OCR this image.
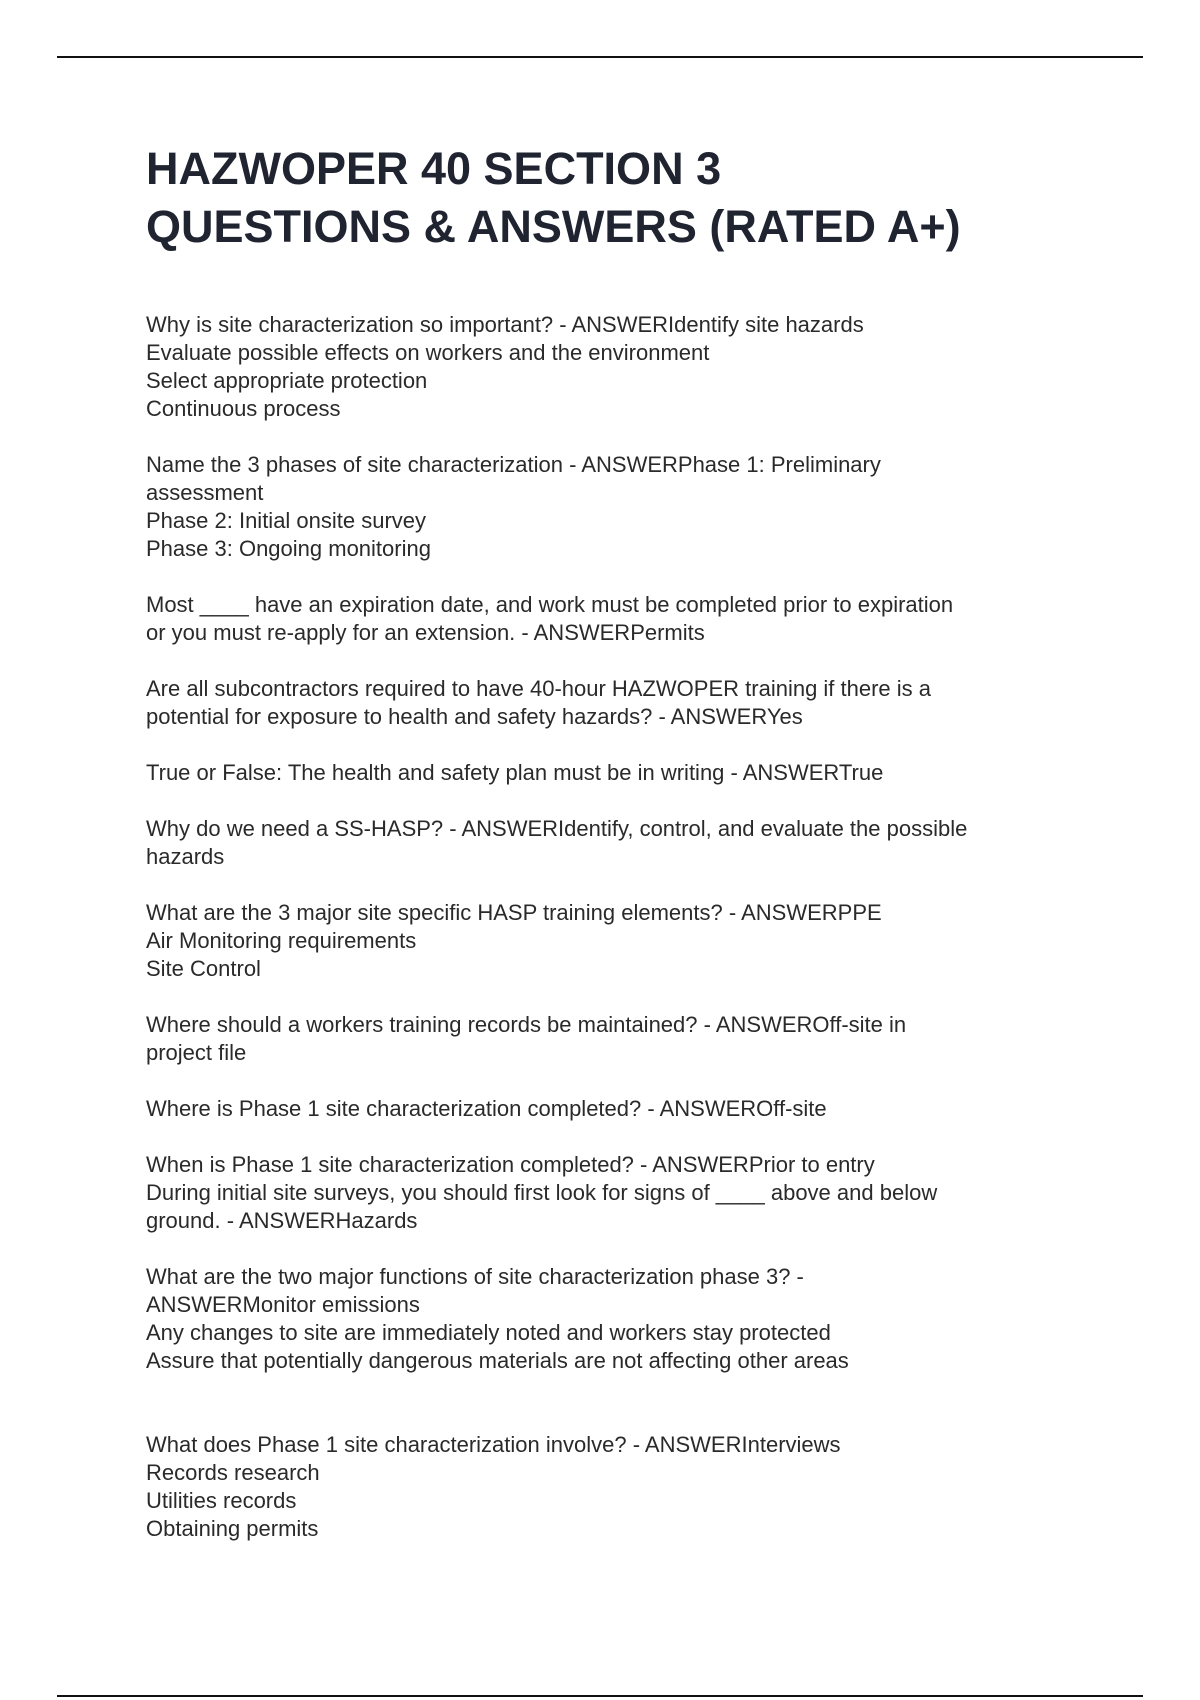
HAZWOPER 40 SECTION 3
QUESTIONS & ANSWERS (RATED A+)
Why is site characterization so important? - ANSWERIdentify site hazards
Evaluate possible effects on workers and the environment
Select appropriate protection
Continuous process
Name the 3 phases of site characterization - ANSWERPhase 1: Preliminary
assessment
Phase 2: Initial onsite survey
Phase 3: Ongoing monitoring
Most ____ have an expiration date, and work must be completed prior to expiration
or you must re-apply for an extension. - ANSWERPermits
Are all subcontractors required to have 40-hour HAZWOPER training if there is a
potential for exposure to health and safety hazards? - ANSWERYes
True or False: The health and safety plan must be in writing - ANSWERTrue
Why do we need a SS-HASP? - ANSWERIdentify, control, and evaluate the possible
hazards
What are the 3 major site specific HASP training elements? - ANSWERPPE
Air Monitoring requirements
Site Control
Where should a workers training records be maintained? - ANSWEROff-site in
project file
Where is Phase 1 site characterization completed? - ANSWEROff-site
When is Phase 1 site characterization completed? - ANSWERPrior to entry
During initial site surveys, you should first look for signs of ____ above and below
ground. - ANSWERHazards
What are the two major functions of site characterization phase 3? -
ANSWERMonitor emissions
Any changes to site are immediately noted and workers stay protected
Assure that potentially dangerous materials are not affecting other areas
What does Phase 1 site characterization involve? - ANSWERInterviews
Records research
Utilities records
Obtaining permits
